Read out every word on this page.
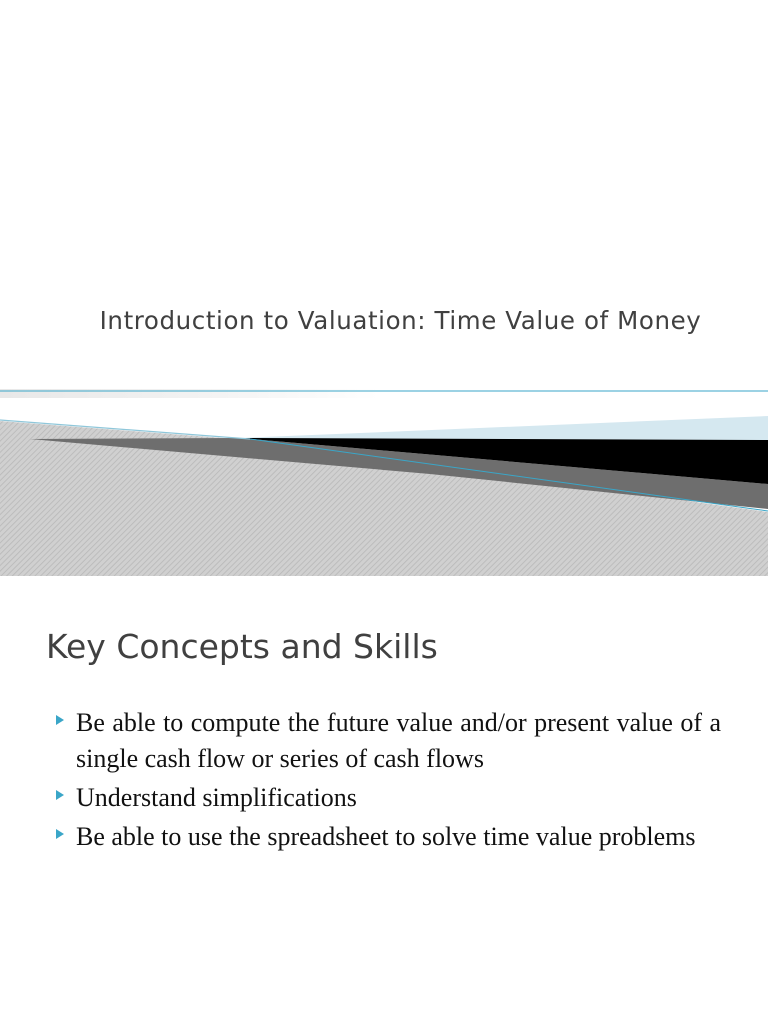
Introduction to Valuation: Time Value of Money
Key Concepts and Skills
Be able to compute the future value and/or present value of a single cash flow or series of cash flows
Understand simplifications
Be able to use the spreadsheet to solve time value problems
